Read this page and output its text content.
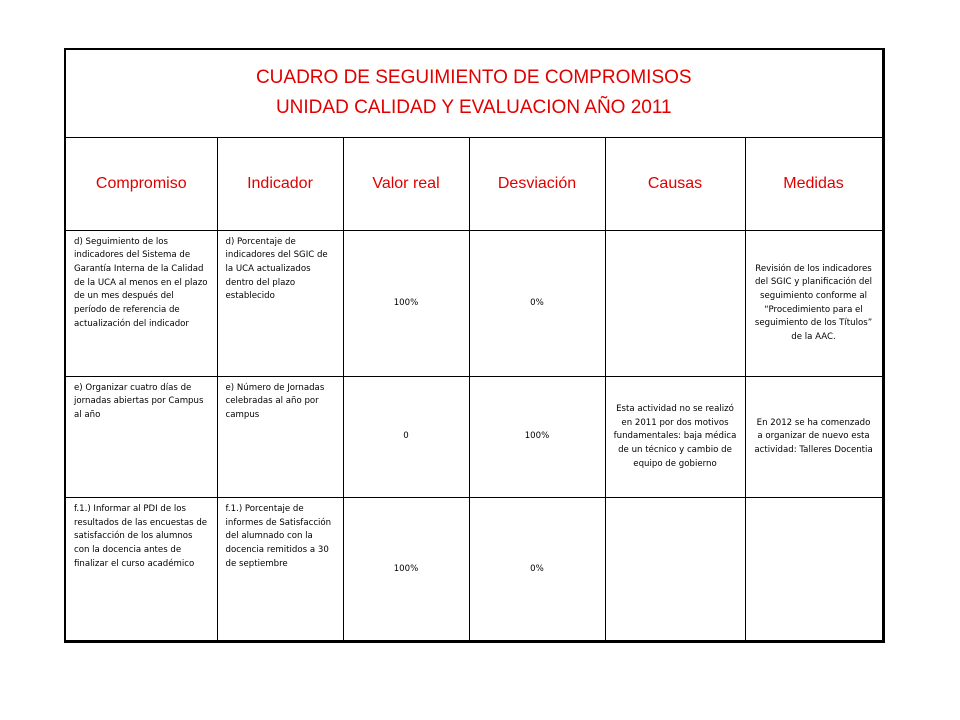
CUADRO DE SEGUIMIENTO DE COMPROMISOS
UNIDAD CALIDAD Y EVALUACION AÑO 2011					

Compromiso	Indicador	Valor real	Desviación	Causas	Medidas
d) Seguimiento de los indicadores del Sistema de Garantía Interna de la Calidad de la UCA al menos en el plazo de un mes después del período de referencia de actualización del indicador	d) Porcentaje de indicadores del SGIC de la UCA actualizados dentro del plazo establecido	100%	0%		Revisión de los indicadores del SGIC y planificación del seguimiento conforme al “Procedimiento para el seguimiento de los Títulos” de la AAC.
e) Organizar cuatro días de jornadas abiertas por Campus al año	e) Número de Jornadas celebradas al año por campus	0	100%	Esta actividad no se realizó en 2011 por dos motivos fundamentales: baja médica de un técnico y cambio de equipo de gobierno	En 2012 se ha comenzado a organizar de nuevo esta actividad: Talleres Docentia
f.1.) Informar al PDI de los resultados de las encuestas de satisfacción de los alumnos con la docencia antes de finalizar el curso académico	f.1.) Porcentaje de informes de Satisfacción del alumnado con la docencia remitidos a 30 de septiembre	100%	0%		
